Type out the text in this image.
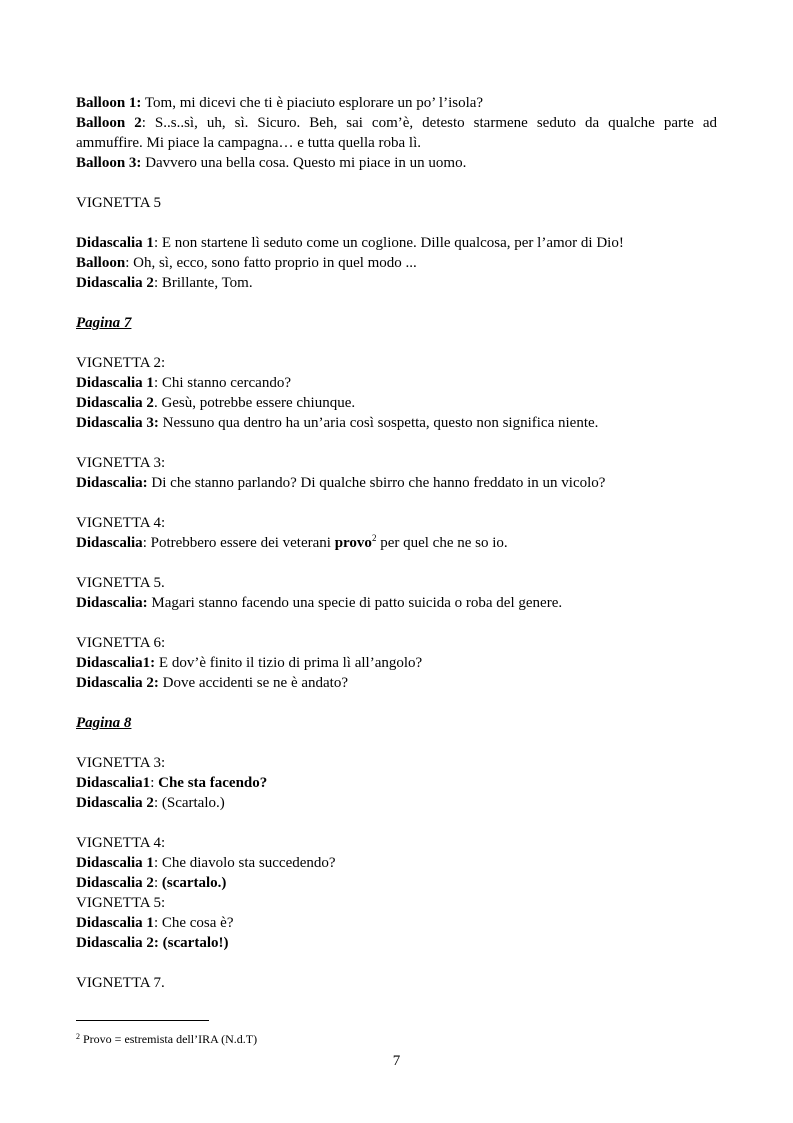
Balloon 1: Tom, mi dicevi che ti è piaciuto esplorare un po’ l’isola?
Balloon 2: S..s..sì, uh, sì. Sicuro. Beh, sai com’è, detesto starmene seduto da qualche parte ad
ammuffire. Mi piace la campagna… e tutta quella roba lì.
Balloon 3: Davvero una bella cosa. Questo mi piace in un uomo.
VIGNETTA 5
Didascalia 1: E non startene lì seduto come un coglione. Dille qualcosa, per l’amor di Dio!
Balloon: Oh, sì, ecco, sono fatto proprio in quel modo ...
Didascalia 2: Brillante, Tom.
Pagina 7
VIGNETTA 2:
Didascalia 1: Chi stanno cercando?
Didascalia 2. Gesù, potrebbe essere chiunque.
Didascalia 3: Nessuno qua dentro ha un’aria così sospetta, questo non significa niente.
VIGNETTA 3:
Didascalia: Di che stanno parlando? Di qualche sbirro che hanno freddato in un vicolo?
VIGNETTA 4:
Didascalia: Potrebbero essere dei veterani provo$^2$ per quel che ne so io.
VIGNETTA 5.
Didascalia: Magari stanno facendo una specie di patto suicida o roba del genere.
VIGNETTA 6:
Didascalia1: E dov’è finito il tizio di prima lì all’angolo?
Didascalia 2: Dove accidenti se ne è andato?
Pagina 8
VIGNETTA 3:
Didascalia1: Che sta facendo?
Didascalia 2: (Scartalo.)
VIGNETTA 4:
Didascalia 1: Che diavolo sta succedendo?
Didascalia 2: (scartalo.)
VIGNETTA 5:
Didascalia 1: Che cosa è?
Didascalia 2: (scartalo!)
VIGNETTA 7.
$^2$ Provo = estremista dell’IRA (N.d.T)
7
